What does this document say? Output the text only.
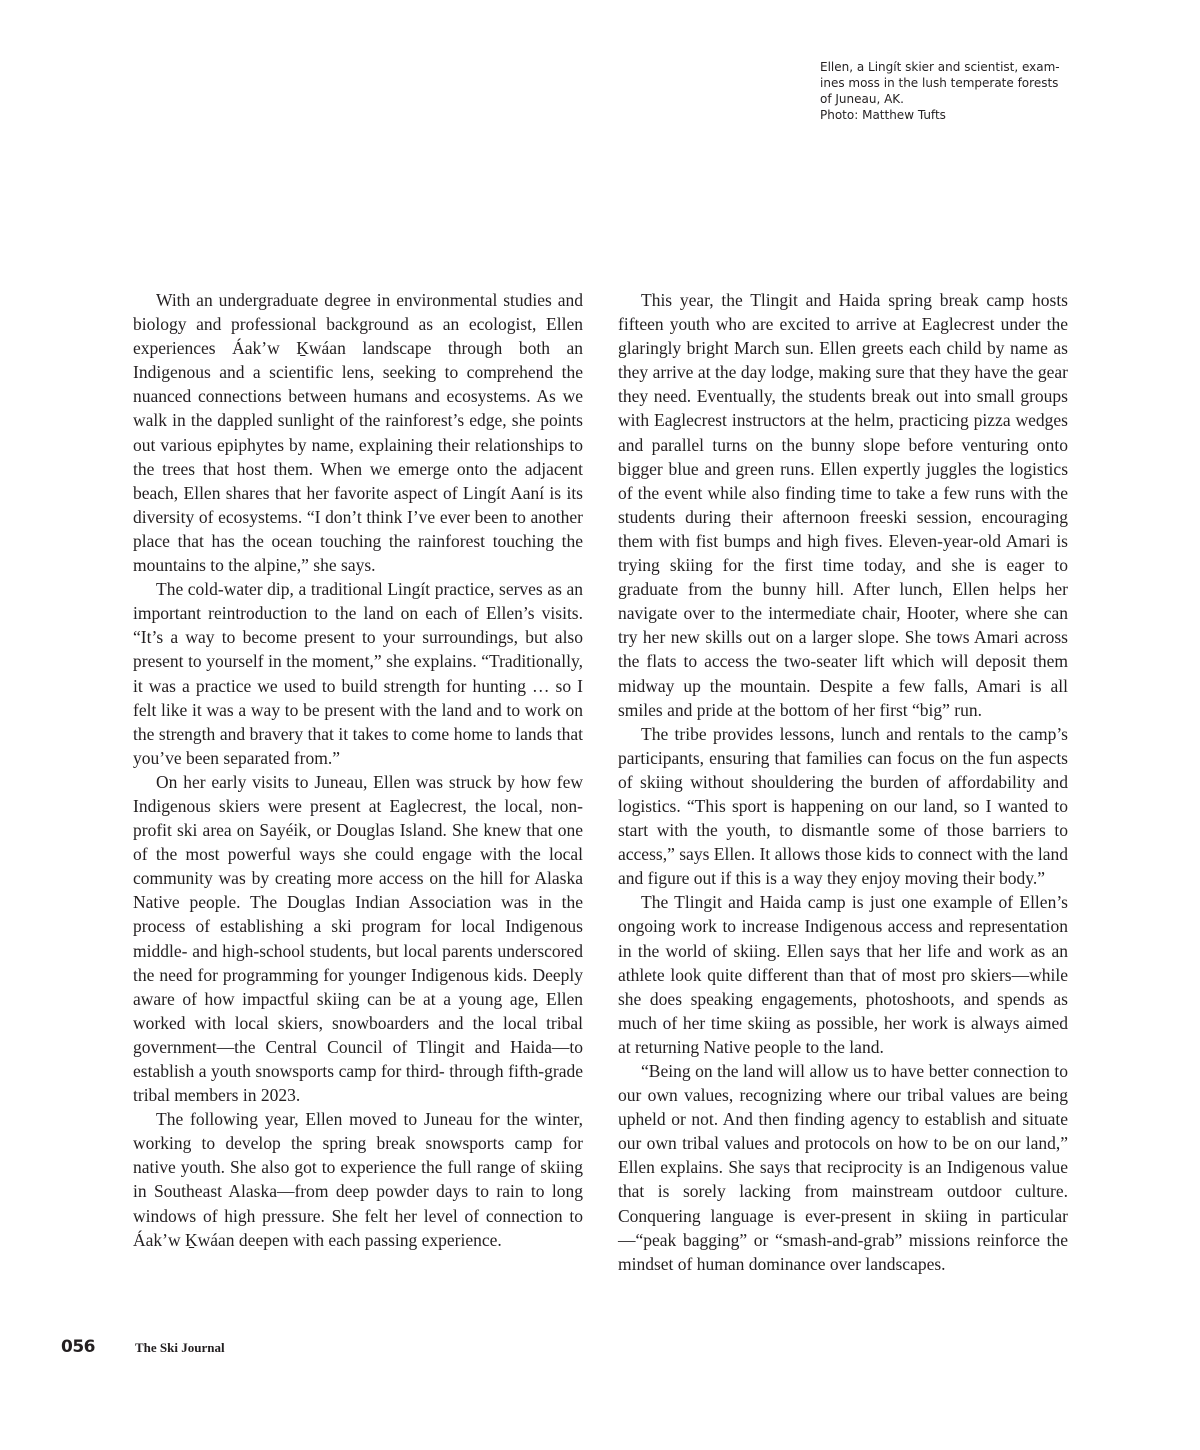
Ellen, a Lingít skier and scientist, exam-
ines moss in the lush temperate forests
of Juneau, AK.
Photo: Matthew Tufts

With an undergraduate degree in environmental studies and biology and professional background as an ecologist, Ellen experiences Áak’w Ḵwáan landscape through both an Indigenous and a scientific lens, seeking to comprehend the nuanced connections between humans and ecosystems. As we walk in the dappled sunlight of the rainforest’s edge, she points out various epiphytes by name, explaining their relationships to the trees that host them. When we emerge onto the adjacent beach, Ellen shares that her favorite aspect of Lingít Aaní is its diversity of ecosystems. “I don’t think I’ve ever been to another place that has the ocean touching the rainforest touching the mountains to the alpine,” she says.

The cold-water dip, a traditional Lingít practice, serves as an important reintroduction to the land on each of Ellen’s visits. “It’s a way to become present to your surroundings, but also present to yourself in the moment,” she explains. “Traditionally, it was a practice we used to build strength for hunting … so I felt like it was a way to be present with the land and to work on the strength and bravery that it takes to come home to lands that you’ve been separated from.”

On her early visits to Juneau, Ellen was struck by how few Indigenous skiers were present at Eaglecrest, the local, non-profit ski area on Sayéik, or Douglas Island. She knew that one of the most powerful ways she could engage with the local community was by creating more access on the hill for Alaska Native people. The Douglas Indian Association was in the process of establishing a ski program for local Indigenous middle- and high-school students, but local parents underscored the need for programming for younger Indigenous kids. Deeply aware of how impactful skiing can be at a young age, Ellen worked with local skiers, snowboarders and the local tribal government—the Central Council of Tlingit and Haida—to establish a youth snowsports camp for third- through fifth-grade tribal members in 2023.

The following year, Ellen moved to Juneau for the winter, working to develop the spring break snowsports camp for native youth. She also got to experience the full range of skiing in Southeast Alaska—from deep powder days to rain to long windows of high pressure. She felt her level of connection to Áak’w Ḵwáan deepen with each passing experience.

This year, the Tlingit and Haida spring break camp hosts fifteen youth who are excited to arrive at Eaglecrest under the glaringly bright March sun. Ellen greets each child by name as they arrive at the day lodge, making sure that they have the gear they need. Eventually, the students break out into small groups with Eaglecrest instructors at the helm, practicing pizza wedges and parallel turns on the bunny slope before venturing onto bigger blue and green runs. Ellen expertly juggles the logistics of the event while also finding time to take a few runs with the students during their afternoon freeski session, encouraging them with fist bumps and high fives. Eleven-year-old Amari is trying skiing for the first time today, and she is eager to graduate from the bunny hill. After lunch, Ellen helps her navigate over to the intermediate chair, Hooter, where she can try her new skills out on a larger slope. She tows Amari across the flats to access the two-seater lift which will deposit them midway up the mountain. Despite a few falls, Amari is all smiles and pride at the bottom of her first “big” run.

The tribe provides lessons, lunch and rentals to the camp’s participants, ensuring that families can focus on the fun aspects of skiing without shouldering the burden of affordability and logistics. “This sport is happening on our land, so I wanted to start with the youth, to dismantle some of those barriers to access,” says Ellen. It allows those kids to connect with the land and figure out if this is a way they enjoy moving their body.”

The Tlingit and Haida camp is just one example of Ellen’s ongoing work to increase Indigenous access and representation in the world of skiing. Ellen says that her life and work as an athlete look quite different than that of most pro skiers—while she does speaking engagements, photoshoots, and spends as much of her time skiing as possible, her work is always aimed at returning Native people to the land.

“Being on the land will allow us to have better connection to our own values, recognizing where our tribal values are being upheld or not. And then finding agency to establish and situate our own tribal values and protocols on how to be on our land,” Ellen explains. She says that reciprocity is an Indigenous value that is sorely lacking from mainstream outdoor culture. Conquering language is ever-present in skiing in particular—“peak bagging” or “smash-and-grab” missions reinforce the mindset of human dominance over landscapes.

056	The Ski Journal
